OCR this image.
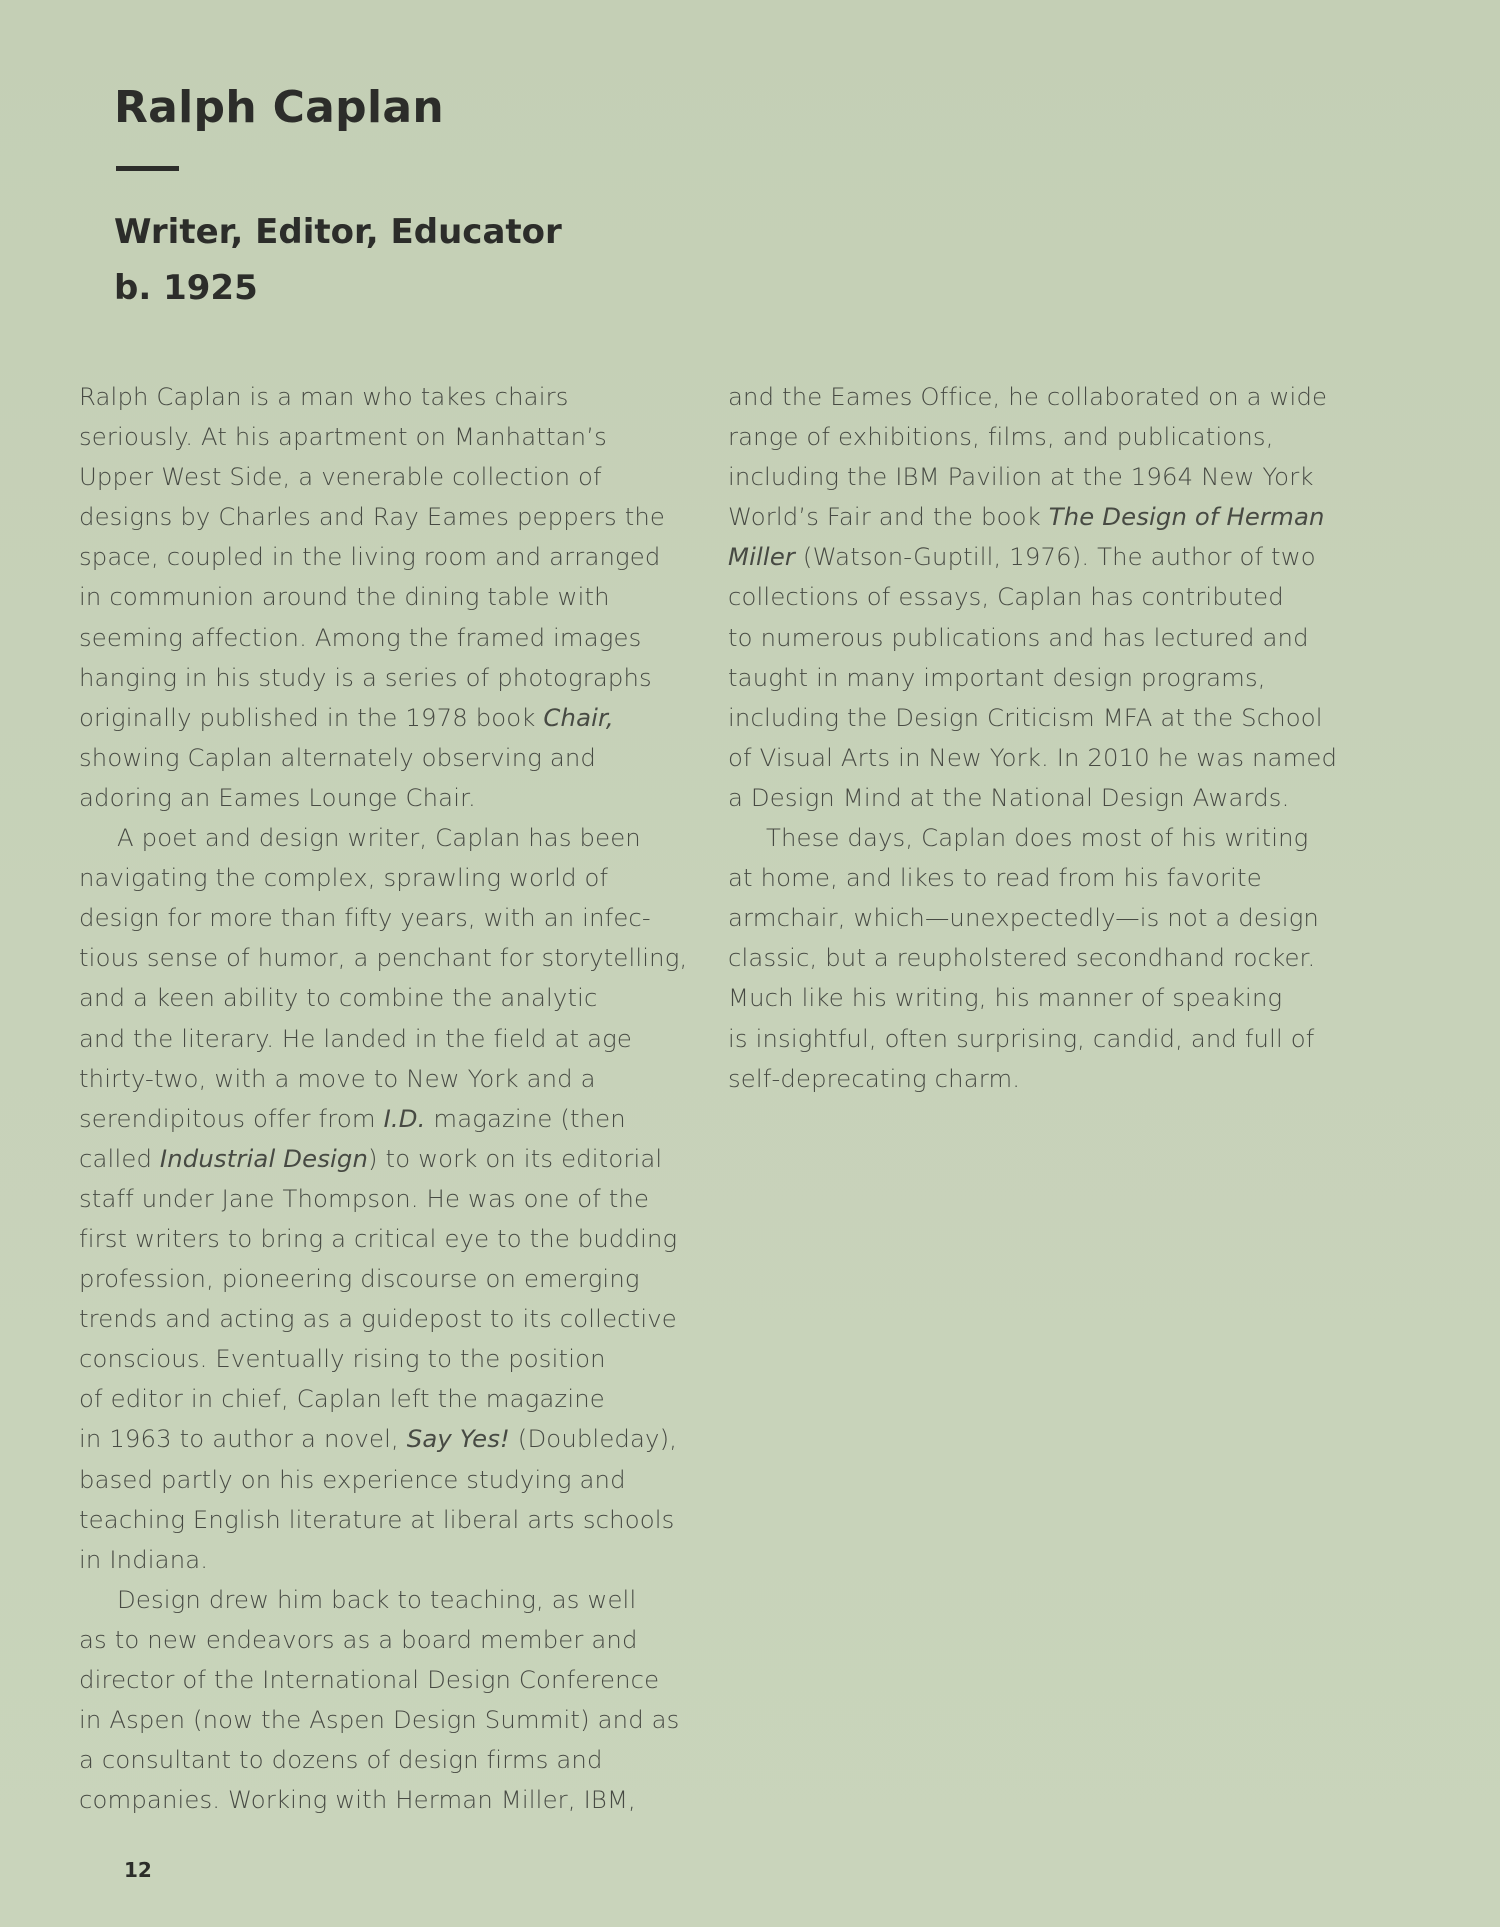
Ralph Caplan
Writer, Editor, Educator
b. 1925
Ralph Caplan is a man who takes chairs
seriously. At his apartment on Manhattan’s
Upper West Side, a venerable collection of
designs by Charles and Ray Eames peppers the
space, coupled in the living room and arranged
in communion around the dining table with
seeming affection. Among the framed images
hanging in his study is a series of photographs
originally published in the 1978 book Chair,
showing Caplan alternately observing and
adoring an Eames Lounge Chair.
A poet and design writer, Caplan has been
navigating the complex, sprawling world of
design for more than fifty years, with an infec-
tious sense of humor, a penchant for storytelling,
and a keen ability to combine the analytic
and the literary. He landed in the field at age
thirty-two, with a move to New York and a
serendipitous offer from I.D. magazine (then
called Industrial Design) to work on its editorial
staff under Jane Thompson. He was one of the
first writers to bring a critical eye to the budding
profession, pioneering discourse on emerging
trends and acting as a guidepost to its collective
conscious. Eventually rising to the position
of editor in chief, Caplan left the magazine
in 1963 to author a novel, Say Yes! (Doubleday),
based partly on his experience studying and
teaching English literature at liberal arts schools
in Indiana.
Design drew him back to teaching, as well
as to new endeavors as a board member and
director of the International Design Conference
in Aspen (now the Aspen Design Summit) and as
a consultant to dozens of design firms and
companies. Working with Herman Miller, IBM,
and the Eames Office, he collaborated on a wide
range of exhibitions, films, and publications,
including the IBM Pavilion at the 1964 New York
World’s Fair and the book The Design of Herman
Miller (Watson-Guptill, 1976). The author of two
collections of essays, Caplan has contributed
to numerous publications and has lectured and
taught in many important design programs,
including the Design Criticism MFA at the School
of Visual Arts in New York. In 2010 he was named
a Design Mind at the National Design Awards.
These days, Caplan does most of his writing
at home, and likes to read from his favorite
armchair, which—unexpectedly—is not a design
classic, but a reupholstered secondhand rocker.
Much like his writing, his manner of speaking
is insightful, often surprising, candid, and full of
self-deprecating charm.
12
